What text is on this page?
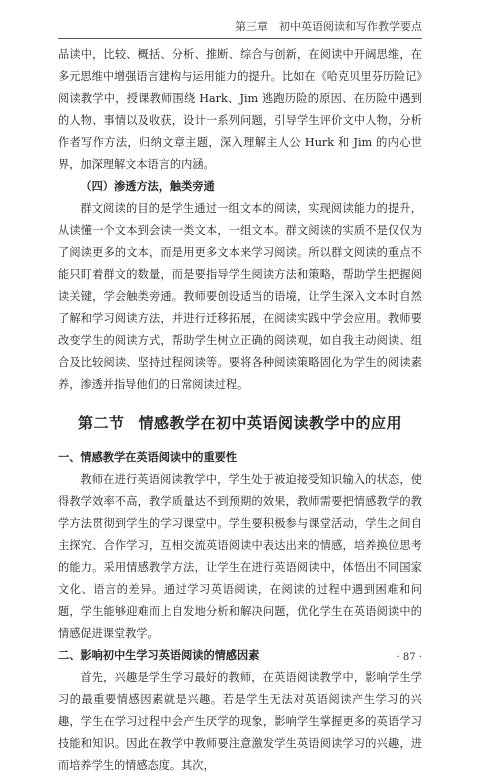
第三章　初中英语阅读和写作教学要点

品读中，比较、概括、分析、推断、综合与创新，在阅读中开阔思维，在多元思维中增强语言建构与运用能力的提升。比如在《哈克贝里芬历险记》阅读教学中，授课教师围绕 Hark、Jim 逃跑历险的原因、在历险中遇到的人物、事情以及收获，设计一系列问题，引导学生评价文中人物，分析作者写作方法，归纳文章主题，深入理解主人公 Hurk 和 Jim 的内心世界，加深理解文本语言的内涵。

（四）渗透方法，触类旁通

群文阅读的目的是学生通过一组文本的阅读，实现阅读能力的提升，从读懂一个文本到会读一类文本，一组文本。群文阅读的实质不是仅仅为了阅读更多的文本，而是用更多文本来学习阅读。所以群文阅读的重点不能只盯着群文的数量，而是要指导学生阅读方法和策略，帮助学生把握阅读关键，学会触类旁通。教师要创设适当的语境，让学生深入文本时自然了解和学习阅读方法，并进行迁移拓展，在阅读实践中学会应用。教师要改变学生的阅读方式，帮助学生树立正确的阅读观，如自我主动阅读、组合及比较阅读、坚持过程阅读等。要将各种阅读策略固化为学生的阅读素养，渗透并指导他们的日常阅读过程。

第二节 情感教学在初中英语阅读教学中的应用

一、情感教学在英语阅读中的重要性

教师在进行英语阅读教学中，学生处于被迫接受知识输入的状态，使得教学效率不高，教学质量达不到预期的效果，教师需要把情感教学的教学方法贯彻到学生的学习课堂中。学生要积极参与课堂活动，学生之间自主探究、合作学习，互相交流英语阅读中表达出来的情感，培养换位思考的能力。采用情感教学方法，让学生在进行英语阅读中，体悟出不同国家文化、语言的差异。通过学习英语阅读，在阅读的过程中遇到困难和问题，学生能够迎难而上自发地分析和解决问题，优化学生在英语阅读中的情感促进课堂教学。

二、影响初中生学习英语阅读的情感因素

首先，兴趣是学生学习最好的教师，在英语阅读教学中，影响学生学习的最重要情感因素就是兴趣。若是学生无法对英语阅读产生学习的兴趣，学生在学习过程中会产生厌学的现象，影响学生掌握更多的英语学习技能和知识。因此在教学中教师要注意激发学生英语阅读学习的兴趣，进而培养学生的情感态度。其次，

· 87 ·
